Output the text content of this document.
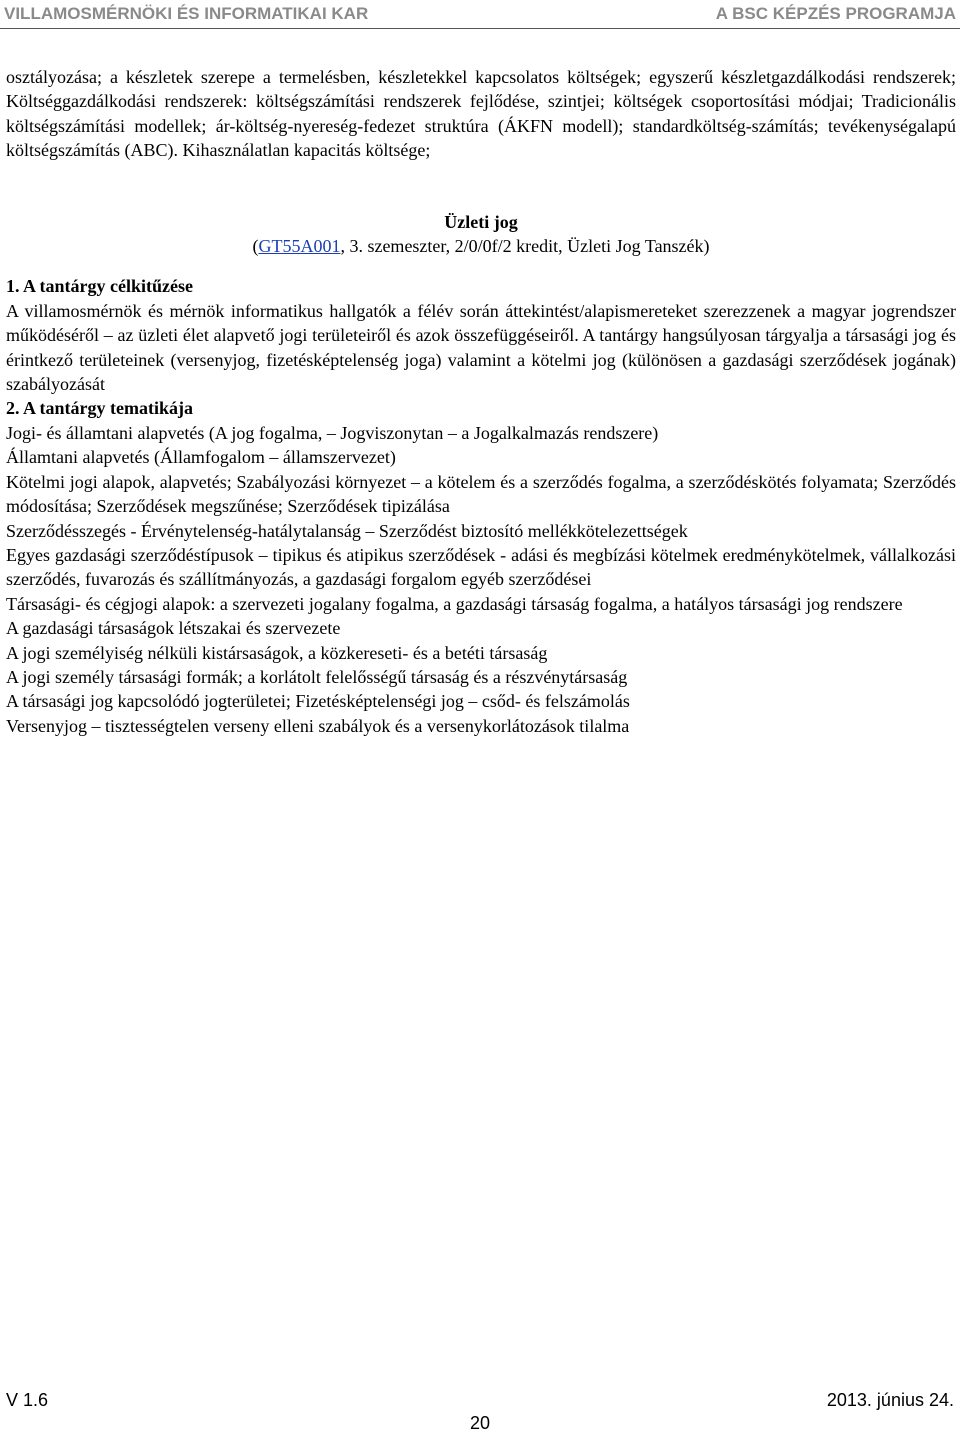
VILLAMOSMÉRNÖKI ÉS INFORMATIKAI KAR	A BSC KÉPZÉS PROGRAMJA

osztályozása; a készletek szerepe a termelésben, készletekkel kapcsolatos költségek; egyszerű készletgazdálkodási rendszerek; Költséggazdálkodási rendszerek: költségszámítási rendszerek fejlődése, szintjei; költségek csoportosítási módjai; Tradicionális költségszámítási modellek; ár-költség-nyereség-fedezet struktúra (ÁKFN modell); standardköltség-számítás; tevékenységalapú költségszámítás (ABC). Kihasználatlan kapacitás költsége;

Üzleti jog

(GT55A001, 3. szemeszter, 2/0/0f/2 kredit, Üzleti Jog Tanszék)

1. A tantárgy célkitűzése

A villamosmérnök és mérnök informatikus hallgatók a félév során áttekintést/alapismereteket szerezzenek a magyar jogrendszer működéséről – az üzleti élet alapvető jogi területeiről és azok összefüggéseiről. A tantárgy hangsúlyosan tárgyalja a társasági jog és érintkező területeinek (versenyjog, fizetésképtelenség joga) valamint a kötelmi jog (különösen a gazdasági szerződések jogának) szabályozását

2. A tantárgy tematikája

Jogi- és államtani alapvetés (A jog fogalma, – Jogviszonytan – a Jogalkalmazás rendszere)

Államtani alapvetés (Államfogalom – államszervezet)

Kötelmi jogi alapok, alapvetés; Szabályozási környezet – a kötelem és a szerződés fogalma, a szerződéskötés folyamata; Szerződés módosítása; Szerződések megszűnése; Szerződések tipizálása

Szerződésszegés - Érvénytelenség-hatálytalanság – Szerződést biztosító mellékkötelezettségek

Egyes gazdasági szerződéstípusok – tipikus és atipikus szerződések - adási és megbízási kötelmek eredménykötelmek, vállalkozási szerződés, fuvarozás és szállítmányozás, a gazdasági forgalom egyéb szerződései

Társasági- és cégjogi alapok: a szervezeti jogalany fogalma, a gazdasági társaság fogalma, a hatályos társasági jog rendszere

A gazdasági társaságok létszakai és szervezete

A jogi személyiség nélküli kistársaságok, a közkereseti- és a betéti társaság

A jogi személy társasági formák; a korlátolt felelősségű társaság és a részvénytársaság

A társasági jog kapcsolódó jogterületei; Fizetésképtelenségi jog – csőd- és felszámolás

Versenyjog – tisztességtelen verseny elleni szabályok és a versenykorlátozások tilalma

V 1.6	2013. június 24.
20
